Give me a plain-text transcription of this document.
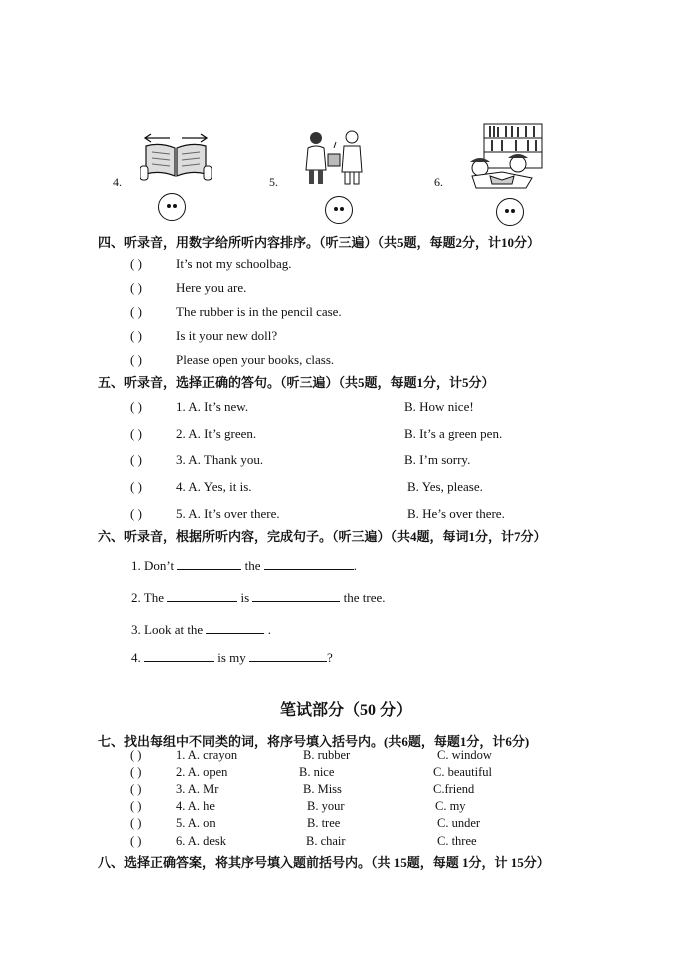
4.	5.	6.
四、听录音，用数字给所听内容排序。（听三遍）（共5题，每题2分，计10分）
( )	It’s not my schoolbag.
( )	Here you are.
( )	The rubber is in the pencil case.
( )	Is it your new doll?
( )	Please open your books, class.
五、听录音，选择正确的答句。（听三遍）（共5题，每题1分，计5分）
( )	1. A. It’s new.	B. How nice!
( )	2. A. It’s green.	B. It’s a green pen.
( )	3. A. Thank you.	B. I’m sorry.
( )	4. A. Yes, it is.	B. Yes, please.
( )	5. A. It’s over there.	B. He’s over there.
六、听录音，根据所听内容，完成句子。（听三遍）（共4题，每词1分，计7分）
1. Don’t	the	.
2. The	is	the tree.
3. Look at the	.
4.	is my	?
笔试部分（50 分）
七、找出每组中不同类的词，将序号填入括号内。(共6题，每题1分，计6分)
( )	1. A. crayon	B. rubber	C. window
( )	2. A. open	B. nice	C. beautiful
( )	3. A. Mr	B. Miss	C.friend
( )	4. A. he	B. your	C. my
( )	5. A. on	B. tree	C. under
( )	6. A. desk	B. chair	C. three
八、选择正确答案，将其序号填入题前括号内。（共 15题，每题 1分，计 15分）
